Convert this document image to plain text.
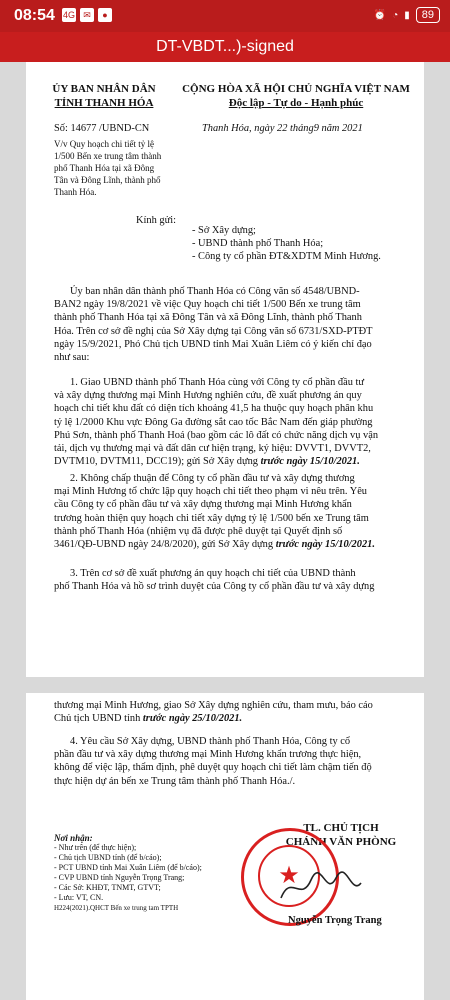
08:54 4G ✉	●	⏰ ◔ ▮	89
DT-VBDT...)-signed
ỦY BAN NHÂN DÂN
TỈNH THANH HÓA
CỘNG HÒA XÃ HỘI CHỦ NGHĨA VIỆT NAM
Độc lập - Tự do - Hạnh phúc
Số: 14677 /UBND-CN	Thanh Hóa, ngày 22 tháng9 năm 2021
V/v Quy hoạch chi tiết tỷ lệ
1/500 Bến xe trung tâm thành
phố Thanh Hóa tại xã Đông
Tân và Đông Lĩnh, thành phố
Thanh Hóa.
Kính gửi:
- Sở Xây dựng;
- UBND thành phố Thanh Hóa;
- Công ty cổ phần ĐT&XDTM Minh Hương.
Ủy ban nhân dân thành phố Thanh Hóa có Công văn số 4548/UBND-
BAN2 ngày 19/8/2021 về việc Quy hoạch chi tiết 1/500 Bến xe trung tâm
thành phố Thanh Hóa tại xã Đông Tân và xã Đông Lĩnh, thành phố Thanh
Hóa. Trên cơ sở đề nghị của Sở Xây dựng tại Công văn số 6731/SXD-PTĐT
ngày 15/9/2021, Phó Chủ tịch UBND tỉnh Mai Xuân Liêm có ý kiến chỉ đạo
như sau:
1. Giao UBND thành phố Thanh Hóa cùng với Công ty cổ phần đầu tư
và xây dựng thương mại Minh Hương nghiên cứu, đề xuất phương án quy
hoạch chi tiết khu đất có diện tích khoảng 41,5 ha thuộc quy hoạch phân khu
tỷ lệ 1/2000 Khu vực Đông Ga đường sắt cao tốc Bắc Nam đến giáp phường
Phú Sơn, thành phố Thanh Hoá (bao gồm các lô đất có chức năng dịch vụ vận
tải, dịch vụ thương mại và đất dân cư hiện trạng, ký hiệu: DVVT1, DVVT2,
DVTM10, DVTM11, DCC19); gửi Sở Xây dựng trước ngày 15/10/2021.
2. Không chấp thuận để Công ty cổ phần đầu tư và xây dựng thương
mại Minh Hương tổ chức lập quy hoạch chi tiết theo phạm vi nêu trên. Yêu
cầu Công ty cổ phần đầu tư và xây dựng thương mại Minh Hương khẩn
trương hoàn thiện quy hoạch chi tiết xây dựng tỷ lệ 1/500 bến xe Trung tâm
thành phố Thanh Hóa (nhiệm vụ đã được phê duyệt tại Quyết định số
3461/QĐ-UBND ngày 24/8/2020), gửi Sở Xây dựng trước ngày 15/10/2021.
3. Trên cơ sở đề xuất phương án quy hoạch chi tiết của UBND thành
phố Thanh Hóa và hồ sơ trình duyệt của Công ty cổ phần đầu tư và xây dựng
thương mại Minh Hương, giao Sở Xây dựng nghiên cứu, tham mưu, báo cáo
Chủ tịch UBND tỉnh trước ngày 25/10/2021.
4. Yêu cầu Sở Xây dựng, UBND thành phố Thanh Hóa, Công ty cổ
phần đầu tư và xây dựng thương mại Minh Hương khẩn trương thực hiện,
không để việc lập, thẩm định, phê duyệt quy hoạch chi tiết làm chậm tiến độ
thực hiện dự án bến xe Trung tâm thành phố Thanh Hóa./.
Nơi nhận:
- Như trên (để thực hiện);
- Chủ tịch UBND tỉnh (để b/cáo);
- PCT UBND tỉnh Mai Xuân Liêm (để b/cáo);
- CVP UBND tỉnh Nguyễn Trọng Trang;
- Các Sở: KHĐT, TNMT, GTVT;
- Lưu: VT, CN.
H224(2021).QHCT Bến xe trung tam TPTH
TL. CHỦ TỊCH
CHÁNH VĂN PHÒNG
★
Nguyễn Trọng Trang
